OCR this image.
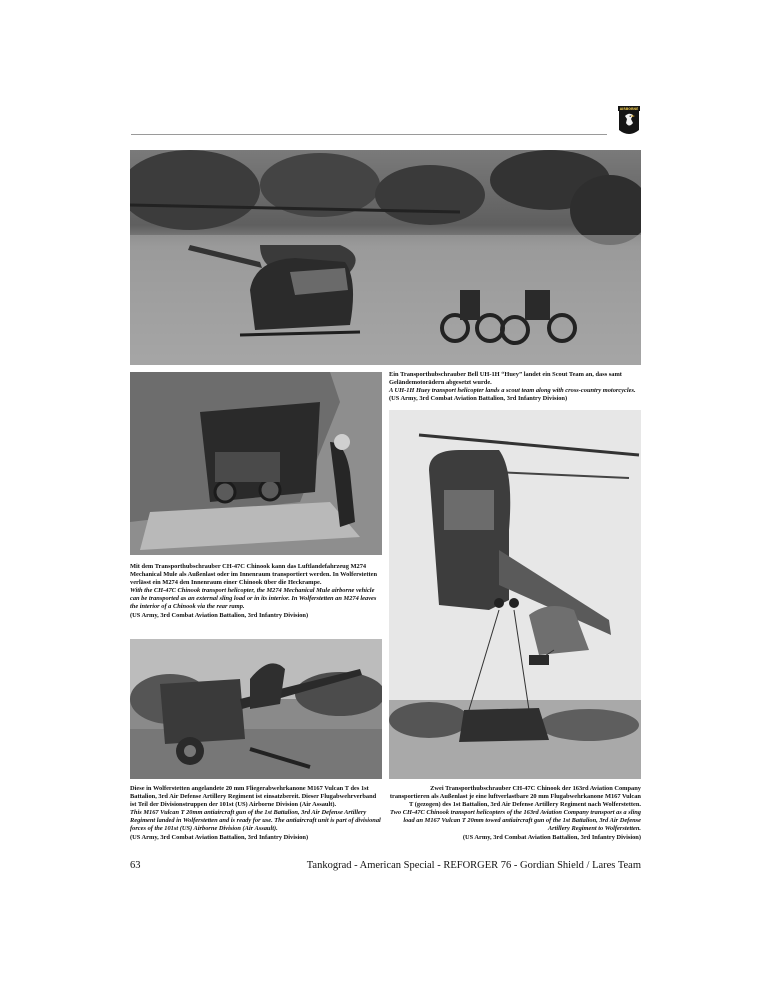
AIRBORNE

Ein Transporthubschrauber Bell UH-1H “Huey” landet ein Scout Team an, dass samt Geländemotorädern abgesetzt wurde.

A UH-1H Huey transport helicopter lands a scout team along with cross-country motorcycles. (US Army, 3rd Combat Aviation Battalion, 3rd Infantry Division)

Mit dem Transporthubschrauber CH-47C Chinook kann das Luftlandefahrzeug M274 Mechanical Mule als Außenlast oder im Innenraum transportiert werden. In Wolferstetten verlässt ein M274 den Innenraum einer Chinook über die Heckrampe.

With the CH-47C Chinook transport helicopter, the M274 Mechanical Mule airborne vehicle can be transported as an external sling load or in its interior. In Wolferstetten an M274 leaves the interior of a Chinook via the rear ramp.

(US Army, 3rd Combat Aviation Battalion, 3rd Infantry Division)

Diese in Wolferstetten angelandete 20 mm Fliegerabwehrkanone M167 Vulcan T des 1st Battalion, 3rd Air Defense Artillery Regiment ist einsatzbereit. Dieser Flugabwehrverband ist Teil der Divisionstruppen der 101st (US) Airborne Division (Air Assault).

This M167 Vulcan T 20mm antiaircraft gun of the 1st Battalion, 3rd Air Defense Artillery Regiment landed in Wolferstetten and is ready for use. The antiaircraft unit is part of divisional forces of the 101st (US) Airborne Division (Air Assault).

(US Army, 3rd Combat Aviation Battalion, 3rd Infantry Division)

Zwei Transporthubschrauber CH-47C Chinook der 163rd Aviation Company transportieren als Außenlast je eine luftverlastbare 20 mm Flugabwehrkanone M167 Vulcan T (gezogen) des 1st Battalion, 3rd Air Defense Artillery Regiment nach Wolferstetten.

Two CH-47C Chinook transport helicopters of the 163rd Aviation Company transport as a sling load an M167 Vulcan T 20mm towed antiaircraft gun of the 1st Battalion, 3rd Air Defense Artillery Regiment to Wolferstetten.

(US Army, 3rd Combat Aviation Battalion, 3rd Infantry Division)

63	Tankograd - American Special - REFORGER 76 - Gordian Shield / Lares Team
